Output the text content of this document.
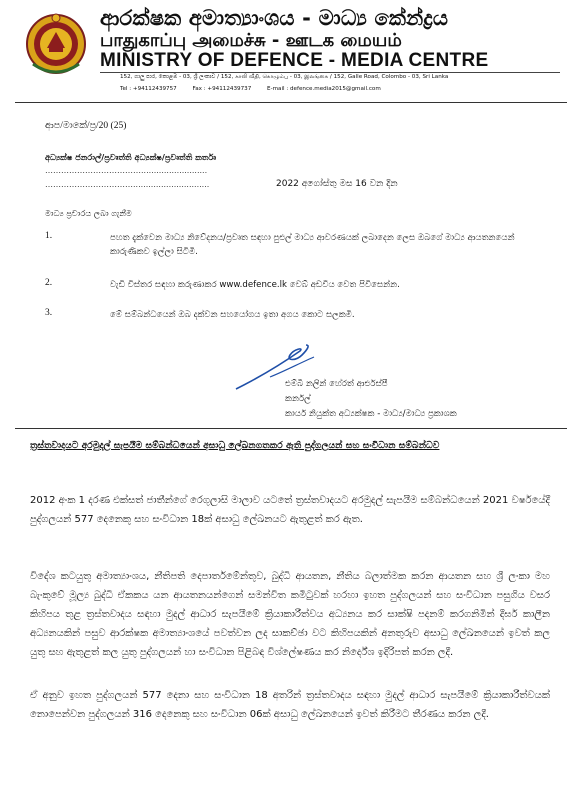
ආරක්ෂක අමාත්‍යාංශය - මාධ්‍ය කේන්ද්‍රය
பாதுகாப்பு அமைச்சு - ஊடக மையம்
MINISTRY OF DEFENCE - MEDIA CENTRE
152, ගාලු පාර, කොළඹ - 03, ශ්‍රී ලංකාව / 152, காலி வீதி, கொழும்பு - 03, இலங்கை / 152, Galle Road, Colombo - 03, Sri Lanka
Tel : +94112439757	Fax : +94112439737	E-mail : defence.media2015@gmail.com
ආප/මාකේ/ප්‍ර/20 (25)
අධ්‍යක්ෂ ජනරාල්/ප්‍රවෘත්ති අධ්‍යක්ෂ/ප්‍රවෘත්ති කර්තෘ
………………………………..........................
……………………………..............................	2022 අගෝස්තු මස 16 වන දින
මාධ්‍ය ප්‍රචාරය ලබා ගැනීම
1.	පහත දැක්වෙන මාධ්‍ය නිවේදනය/ප්‍රවෘත සඳහා පුළුල් මාධ්‍ය ආවරණයක් ලබාදෙන ලෙස ඔබගේ මාධ්‍ය ආයතනයෙන් කාරුණිකව ඉල්ලා සිටිමි.
2.	වැඩි විස්තර සඳහා කරුණාකර www.defence.lk වෙබ් අඩවිය වෙත පිවිසෙන්න.
3.	මේ සම්බන්ධයෙන් ඔබ දක්වන සහයෝගය ඉතා අගය කොට සලකමි.
එම්බී නලින් හේරත් ආර්එස්පී
කර්නල්
කාර්ය නියුක්ත අධ්‍යක්ෂක - මාධ්‍ය/මාධ්‍ය ප්‍රකාශක
ත්‍රස්තවාදයට අරමුදල් සැපයීම සම්බන්ධයෙන් අසාධු ලේඛනගතකර ඇති පුද්ගලයන් සහ සංවිධාන සම්බන්ධව
2012 අංක 1 දරණ එක්සත් ජාතීන්ගේ රෙගුලාසි මාලාව යටතේ ත්‍රස්තවාදයට අරමුදල් සැපයීම සම්බන්ධයෙන් 2021 වර්ෂයේදී පුද්ගලයන් 577 දෙනෙකු සහ සංවිධාන 18ක් අසාධු ලේඛනයට ඇතුළත් කර ඇත.
විදේශ කටයුතු අමාත්‍යාංශය, නීතිපති දෙපාර්තමේන්තුව, බුද්ධි ආයතන, නීතිය බලාත්මක කරන ආයතන සහ ශ්‍රී ලංකා මහ බැංකුවේ මූල්‍ය බුද්ධි ඒකකය යන ආයතනයන්ගෙන් සමන්විත කමිටුවක් හරහා ඉහත පුද්ගලයන් සහ සංවිධාන පසුගිය වසර කිහිපය තුළ ත්‍රස්තවාදය සඳහා මුදල් ආධාර සැපයීමේ ක්‍රියාකාරීත්වය අධ්‍යනය කර සාක්ෂි පදනම් කරගනිමින් දීර්ඝ කාලීන අධ්‍යනයකින් පසුව ආරක්ෂක අමාත්‍යාංශයේ පවත්වන ලද සාකච්ඡා වට කිහිපයකින් අනතුරුව අසාධු ලේඛනයෙන් ඉවත් කල යුතු සහ ඇතුළත් කල යුතු පුද්ගලයන් හා සංවිධාන පිළිබඳ විශ්ලේෂණය කර නිර්දේශ ඉදිරිපත් කරන ලදී.
ඒ අනුව ඉහත පුද්ගලයන් 577 දෙනා සහ සංවිධාන 18 අතරින් ත්‍රස්තවාදය සඳහා මුදල් ආධාර සැපයීමේ ක්‍රියාකාරීත්වයක් නොපෙන්වන පුද්ගලයන් 316 දෙනෙකු සහ සංවිධාන 06ක් අසාධු ලේඛනයෙන් ඉවත් කිරීමට තීරණය කරන ලදී.
